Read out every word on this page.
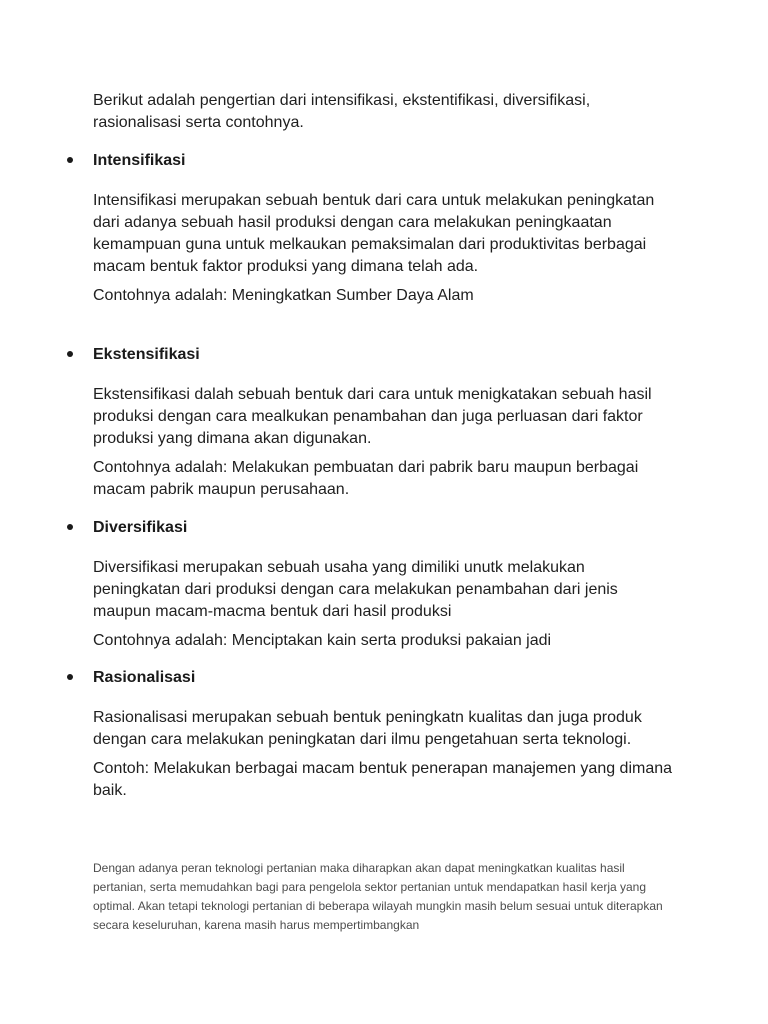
Berikut adalah pengertian dari intensifikasi, ekstentifikasi, diversifikasi, rasionalisasi serta contohnya.

Intensifikasi

Intensifikasi merupakan sebuah bentuk dari cara untuk melakukan peningkatan dari adanya sebuah hasil produksi dengan cara melakukan peningkaatan kemampuan guna untuk melkaukan pemaksimalan dari produktivitas berbagai macam bentuk faktor produksi yang dimana telah ada.

Contohnya adalah: Meningkatkan Sumber Daya Alam

Ekstensifikasi

Ekstensifikasi dalah sebuah bentuk dari cara untuk menigkatakan sebuah hasil produksi dengan cara mealkukan penambahan dan juga perluasan dari faktor produksi yang dimana akan digunakan.

Contohnya adalah: Melakukan pembuatan dari pabrik baru maupun berbagai macam pabrik maupun perusahaan.

Diversifikasi

Diversifikasi merupakan sebuah usaha yang dimiliki unutk melakukan peningkatan dari produksi dengan cara melakukan penambahan dari jenis maupun macam-macma bentuk dari hasil produksi

Contohnya adalah: Menciptakan kain serta produksi pakaian jadi

Rasionalisasi

Rasionalisasi merupakan sebuah bentuk peningkatn kualitas dan juga produk dengan cara melakukan peningkatan dari ilmu pengetahuan serta teknologi.

Contoh: Melakukan berbagai macam bentuk penerapan manajemen yang dimana baik.

Dengan adanya peran teknologi pertanian maka diharapkan akan dapat meningkatkan kualitas hasil pertanian, serta memudahkan bagi para pengelola sektor pertanian untuk mendapatkan hasil kerja yang optimal. Akan tetapi teknologi pertanian di beberapa wilayah mungkin masih belum sesuai untuk diterapkan secara keseluruhan, karena masih harus mempertimbangkan
